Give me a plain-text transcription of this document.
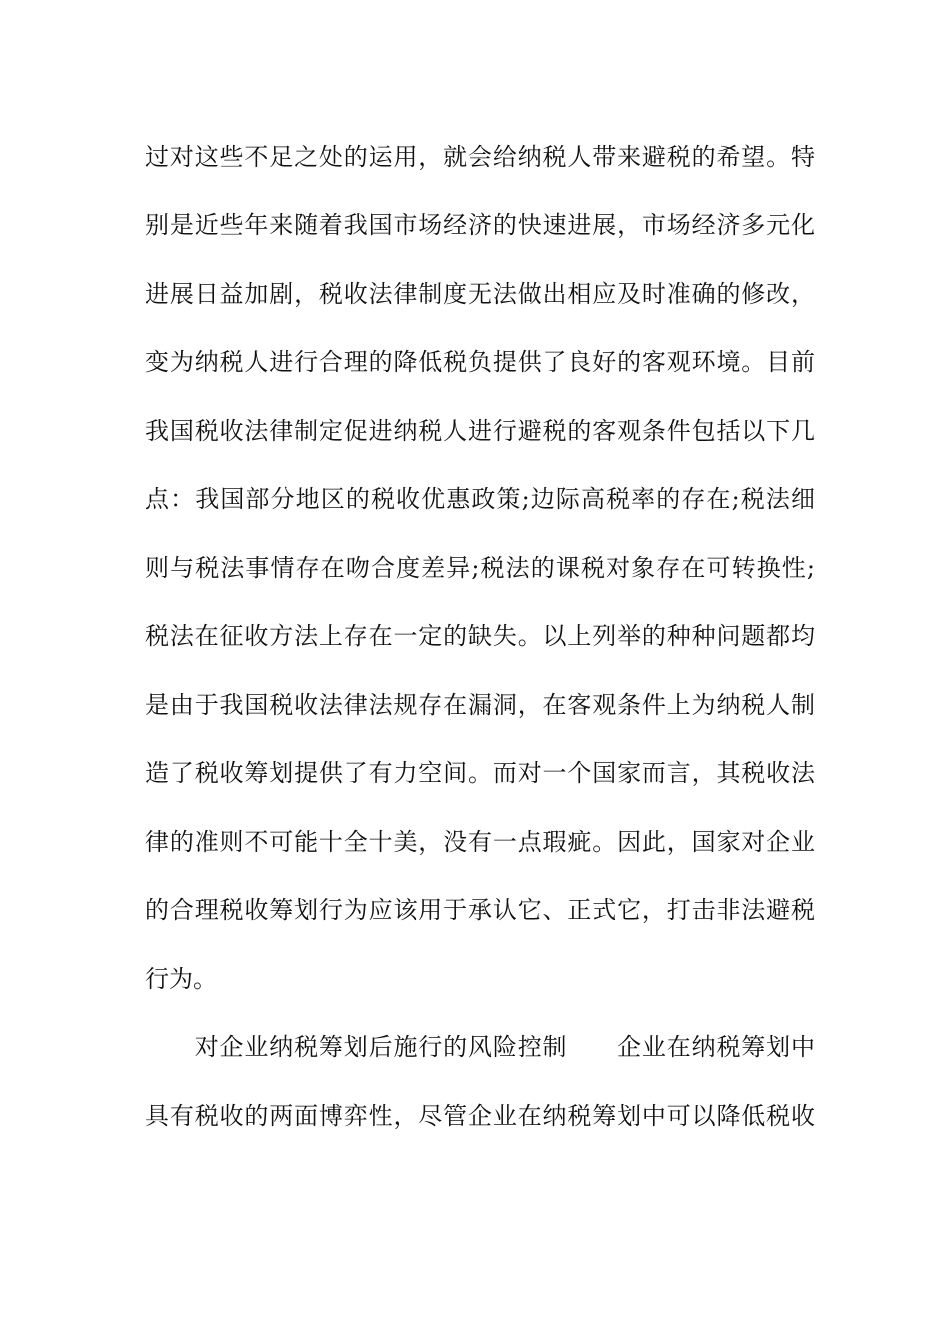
过对这些不足之处的运用，就会给纳税人带来避税的希望。特
别是近些年来随着我国市场经济的快速进展，市场经济多元化
进展日益加剧，税收法律制度无法做出相应及时准确的修改，
变为纳税人进行合理的降低税负提供了良好的客观环境。目前
我国税收法律制定促进纳税人进行避税的客观条件包括以下几
点：我国部分地区的税收优惠政策;边际高税率的存在;税法细
则与税法事情存在吻合度差异;税法的课税对象存在可转换性;
税法在征收方法上存在一定的缺失。以上列举的种种问题都均
是由于我国税收法律法规存在漏洞，在客观条件上为纳税人制
造了税收筹划提供了有力空间。而对一个国家而言，其税收法
律的准则不可能十全十美，没有一点瑕疵。因此，国家对企业
的合理税收筹划行为应该用于承认它、正式它，打击非法避税
行为。
　　对企业纳税筹划后施行的风险控制　　企业在纳税筹划中
具有税收的两面博弈性，尽管企业在纳税筹划中可以降低税收
